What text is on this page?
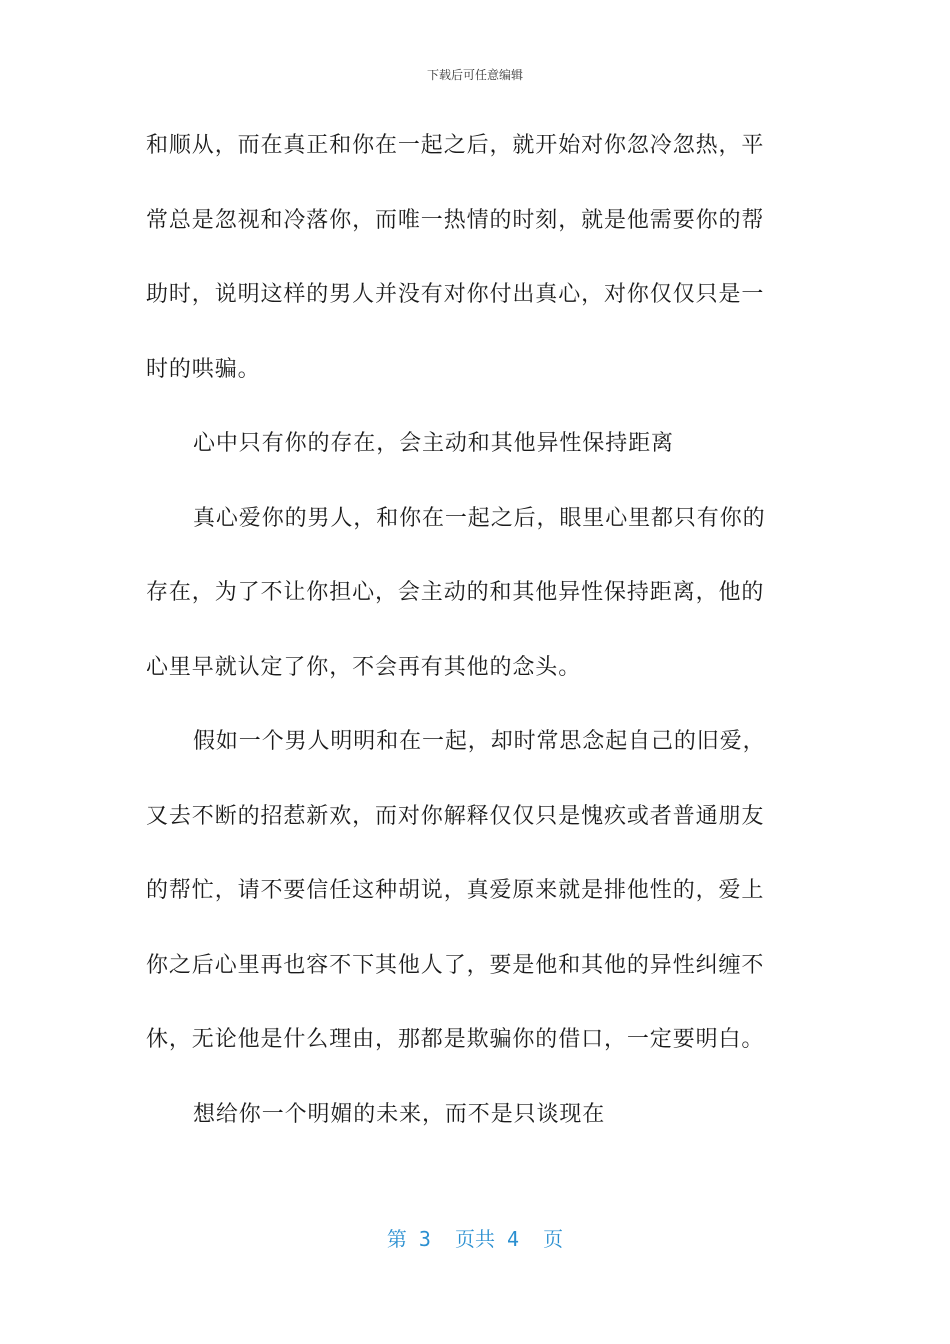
下载后可任意编辑
和顺从，而在真正和你在一起之后，就开始对你忽冷忽热，平
常总是忽视和冷落你，而唯一热情的时刻，就是他需要你的帮
助时，说明这样的男人并没有对你付出真心，对你仅仅只是一
时的哄骗。
心中只有你的存在，会主动和其他异性保持距离
真心爱你的男人，和你在一起之后，眼里心里都只有你的
存在，为了不让你担心，会主动的和其他异性保持距离，他的
心里早就认定了你，不会再有其他的念头。
假如一个男人明明和在一起，却时常思念起自己的旧爱，
又去不断的招惹新欢，而对你解释仅仅只是愧疚或者普通朋友
的帮忙，请不要信任这种胡说，真爱原来就是排他性的，爱上
你之后心里再也容不下其他人了，要是他和其他的异性纠缠不
休，无论他是什么理由，那都是欺骗你的借口，一定要明白。
想给你一个明媚的未来，而不是只谈现在
第 3  页共 4  页
